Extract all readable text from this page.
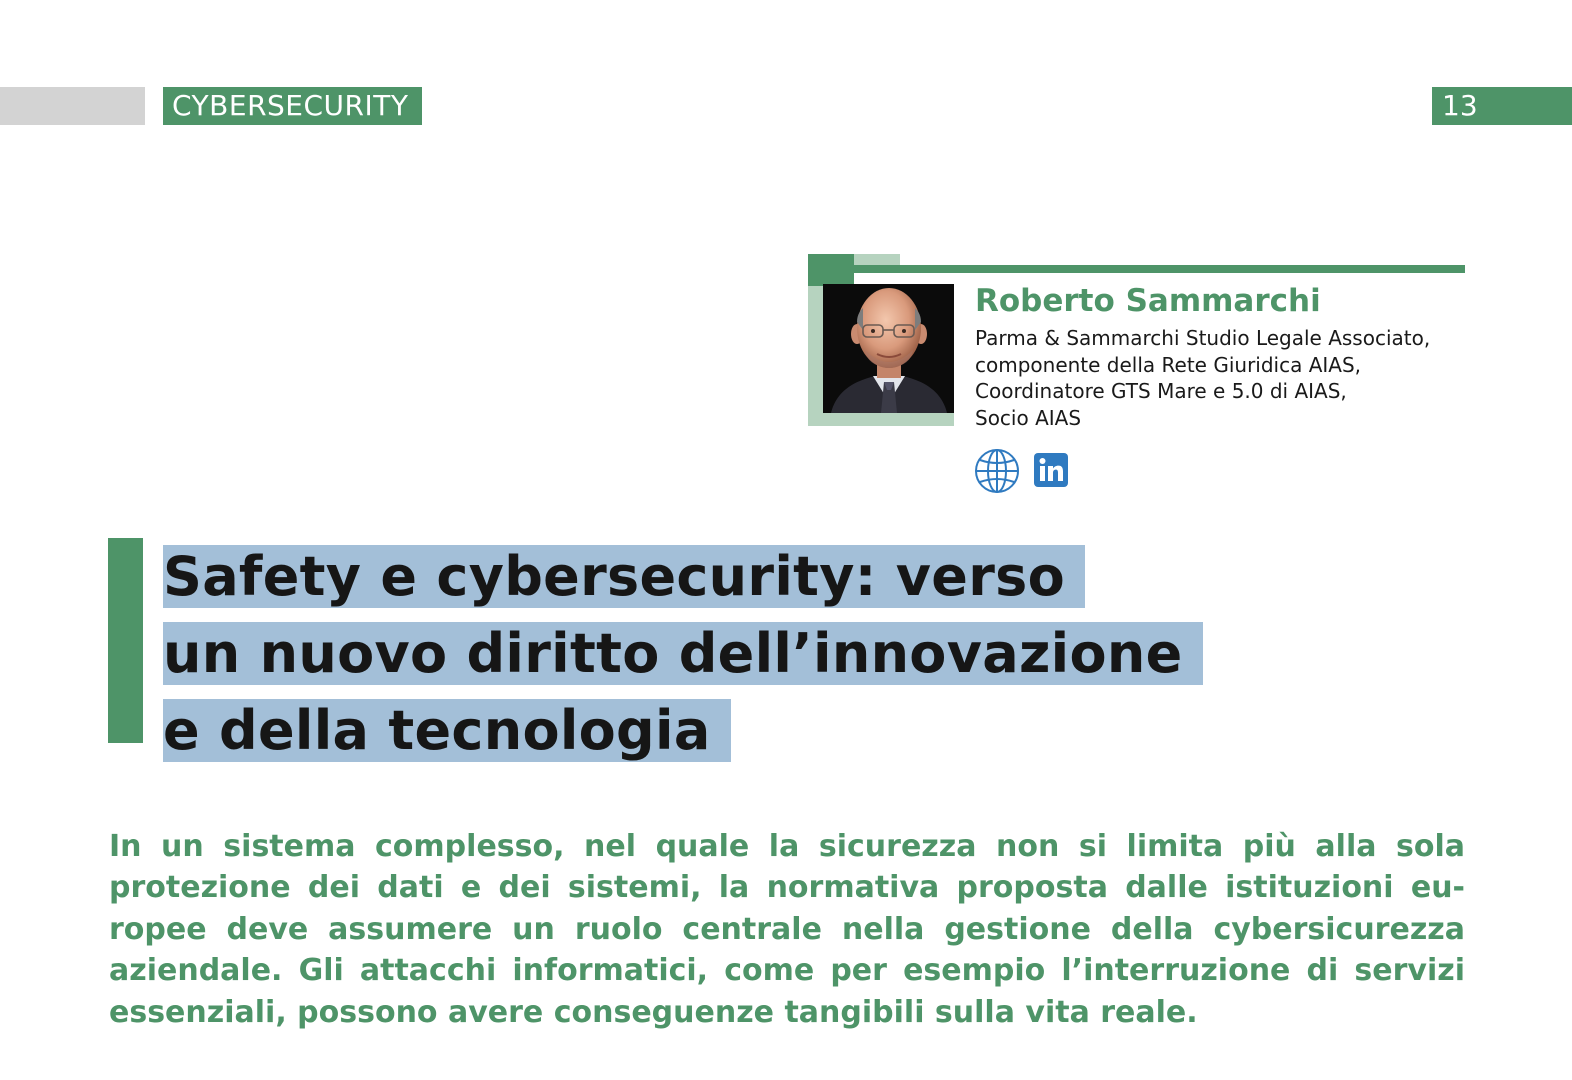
CYBERSECURITY	13
Roberto Sammarchi
Parma & Sammarchi Studio Legale Associato,
componente della Rete Giuridica AIAS,
Coordinatore GTS Mare e 5.0 di AIAS,
Socio AIAS
Safety e cybersecurity: verso
un nuovo diritto dell’innovazione
e della tecnologia
In un sistema complesso, nel quale la sicurezza non si limita più alla sola
protezione dei dati e dei sistemi, la normativa proposta dalle istituzioni eu-
ropee deve assumere un ruolo centrale nella gestione della cybersicurezza
aziendale. Gli attacchi informatici, come per esempio l’interruzione di servizi
essenziali, possono avere conseguenze tangibili sulla vita reale.
